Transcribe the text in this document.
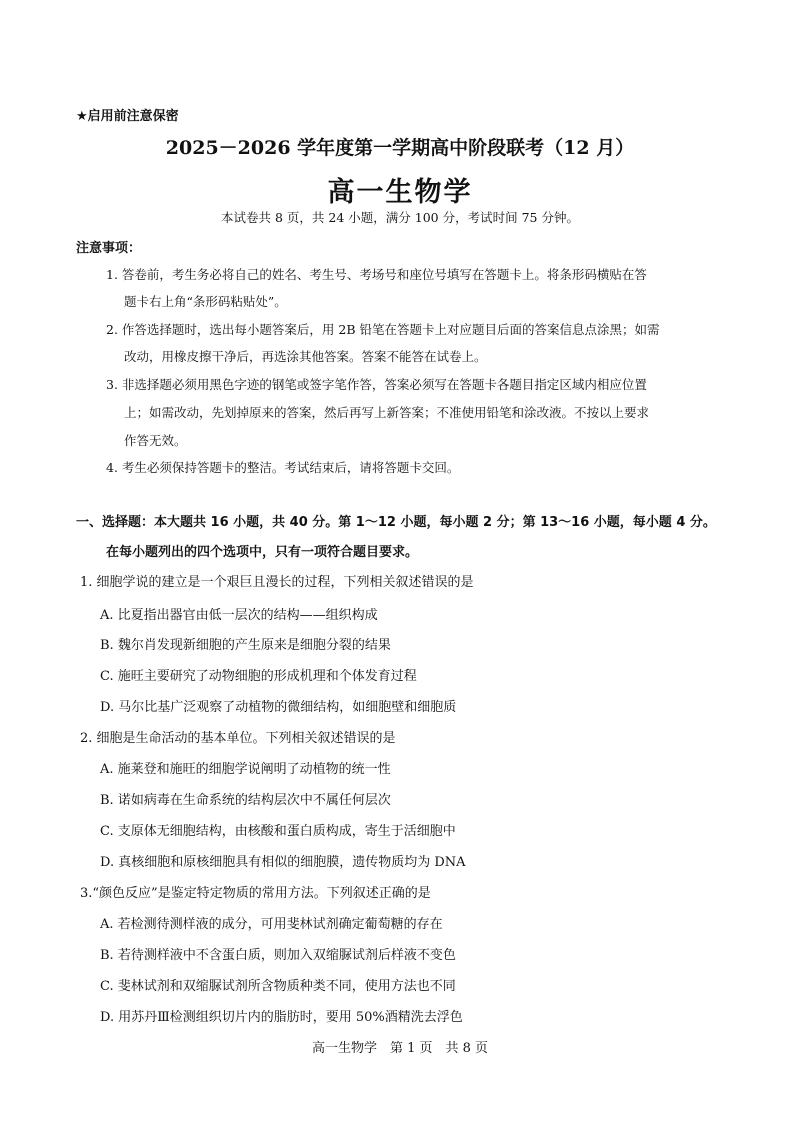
★启用前注意保密
2025－2026 学年度第一学期高中阶段联考（12 月）
高一生物学
本试卷共 8 页，共 24 小题，满分 100 分，考试时间 75 分钟。
注意事项：
1. 答卷前，考生务必将自己的姓名、考生号、考场号和座位号填写在答题卡上。将条形码横贴在答
题卡右上角“条形码粘贴处”。
2. 作答选择题时，选出每小题答案后，用 2B 铅笔在答题卡上对应题目后面的答案信息点涂黑；如需
改动，用橡皮擦干净后，再选涂其他答案。答案不能答在试卷上。
3. 非选择题必须用黑色字迹的钢笔或签字笔作答，答案必须写在答题卡各题目指定区域内相应位置
上；如需改动，先划掉原来的答案，然后再写上新答案；不准使用铅笔和涂改液。不按以上要求
作答无效。
4. 考生必须保持答题卡的整洁。考试结束后，请将答题卡交回。
一、选择题：本大题共 16 小题，共 40 分。第 1～12 小题，每小题 2 分；第 13～16 小题，每小题 4 分。
在每小题列出的四个选项中，只有一项符合题目要求。
1. 细胞学说的建立是一个艰巨且漫长的过程，下列相关叙述错误的是
A. 比夏指出器官由低一层次的结构——组织构成
B. 魏尔肖发现新细胞的产生原来是细胞分裂的结果
C. 施旺主要研究了动物细胞的形成机理和个体发育过程
D. 马尔比基广泛观察了动植物的微细结构，如细胞壁和细胞质
2. 细胞是生命活动的基本单位。下列相关叙述错误的是
A. 施莱登和施旺的细胞学说阐明了动植物的统一性
B. 诺如病毒在生命系统的结构层次中不属任何层次
C. 支原体无细胞结构，由核酸和蛋白质构成，寄生于活细胞中
D. 真核细胞和原核细胞具有相似的细胞膜，遗传物质均为 DNA
3.“颜色反应”是鉴定特定物质的常用方法。下列叙述正确的是
A. 若检测待测样液的成分，可用斐林试剂确定葡萄糖的存在
B. 若待测样液中不含蛋白质，则加入双缩脲试剂后样液不变色
C. 斐林试剂和双缩脲试剂所含物质种类不同，使用方法也不同
D. 用苏丹Ⅲ检测组织切片内的脂肪时，要用 50%酒精洗去浮色
高一生物学　第 1 页　共 8 页
